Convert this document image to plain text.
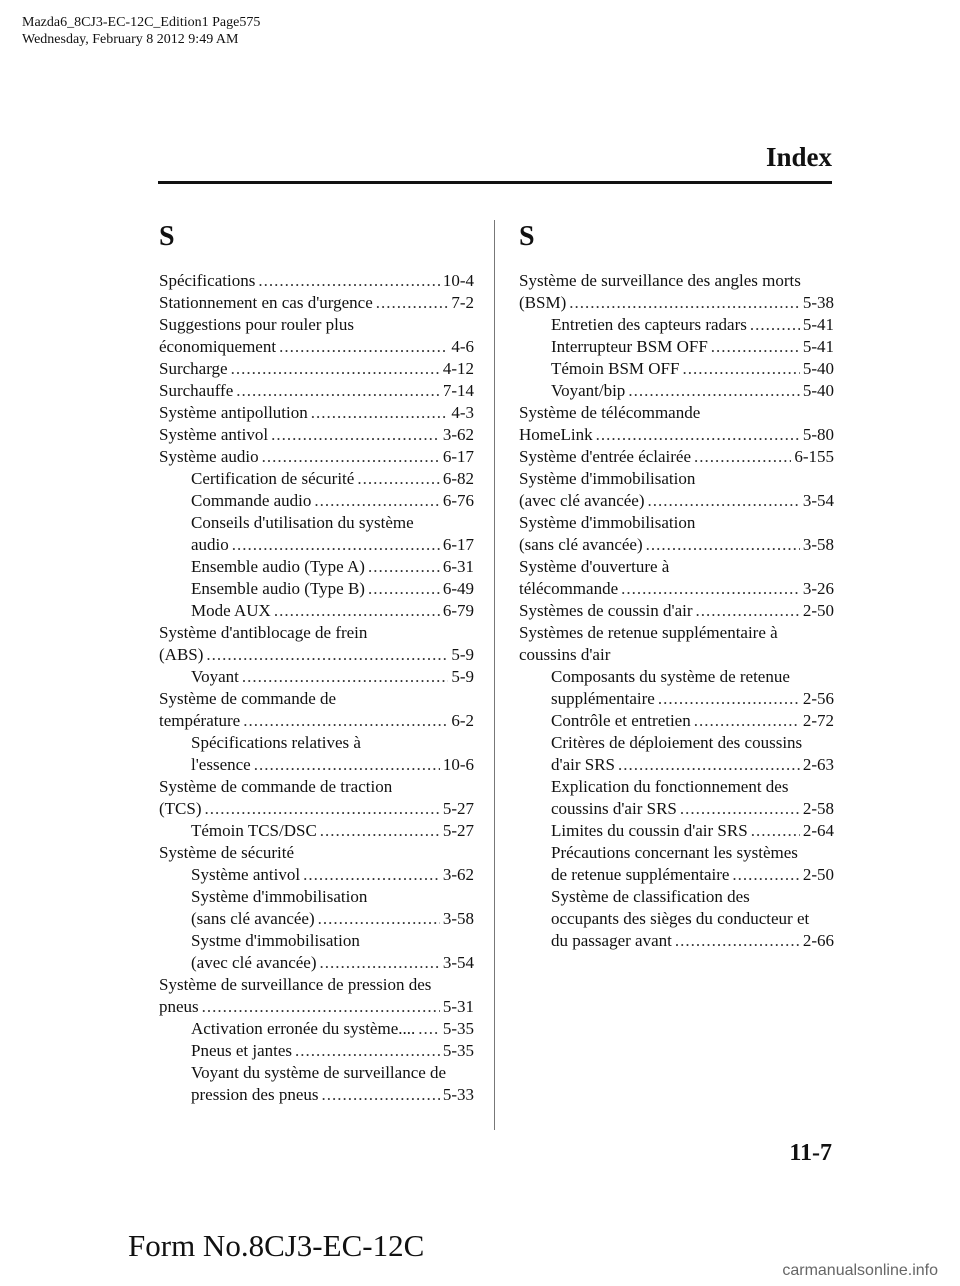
Mazda6_8CJ3-EC-12C_Edition1 Page575
Wednesday, February 8 2012 9:49 AM
Index
S
Spécifications .....	10-4
Stationnement en cas d'urgence .....	7-2
Suggestions pour rouler plus
économiquement .....	4-6
Surcharge .....	4-12
Surchauffe .....	7-14
Système antipollution .....	4-3
Système antivol .....	3-62
Système audio .....	6-17
Certification de sécurité .....	6-82
Commande audio .....	6-76
Conseils d'utilisation du système
audio .....	6-17
Ensemble audio (Type A) .....	6-31
Ensemble audio (Type B) .....	6-49
Mode AUX .....	6-79
Système d'antiblocage de frein
(ABS) .....	5-9
Voyant .....	5-9
Système de commande de
température .....	6-2
Spécifications relatives à
l'essence .....	10-6
Système de commande de traction
(TCS) .....	5-27
Témoin TCS/DSC .....	5-27
Système de sécurité
Système antivol .....	3-62
Système d'immobilisation
(sans clé avancée) .....	3-58
Systme d'immobilisation
(avec clé avancée) .....	3-54
Système de surveillance de pression des
pneus .....	5-31
Activation erronée du système.... ..... 5-35
Pneus et jantes .....	5-35
Voyant du système de surveillance de
pression des pneus .....	5-33
S
Système de surveillance des angles morts
(BSM) .....	5-38
Entretien des capteurs radars .....	5-41
Interrupteur BSM OFF .....	5-41
Témoin BSM OFF .....	5-40
Voyant/bip .....	5-40
Système de télécommande
HomeLink .....	5-80
Système d'entrée éclairée .....	6-155
Système d'immobilisation
(avec clé avancée) .....	3-54
Système d'immobilisation
(sans clé avancée) .....	3-58
Système d'ouverture à
télécommande .....	3-26
Systèmes de coussin d'air .....	2-50
Systèmes de retenue supplémentaire à
coussins d'air
Composants du système de retenue
supplémentaire .....	2-56
Contrôle et entretien .....	2-72
Critères de déploiement des coussins
d'air SRS .....	2-63
Explication du fonctionnement des
coussins d'air SRS .....	2-58
Limites du coussin d'air SRS .....	2-64
Précautions concernant les systèmes
de retenue supplémentaire .....	2-50
Système de classification des
occupants des sièges du conducteur et
du passager avant .....	2-66
11-7
Form No.8CJ3-EC-12C
carmanualsonline.info
